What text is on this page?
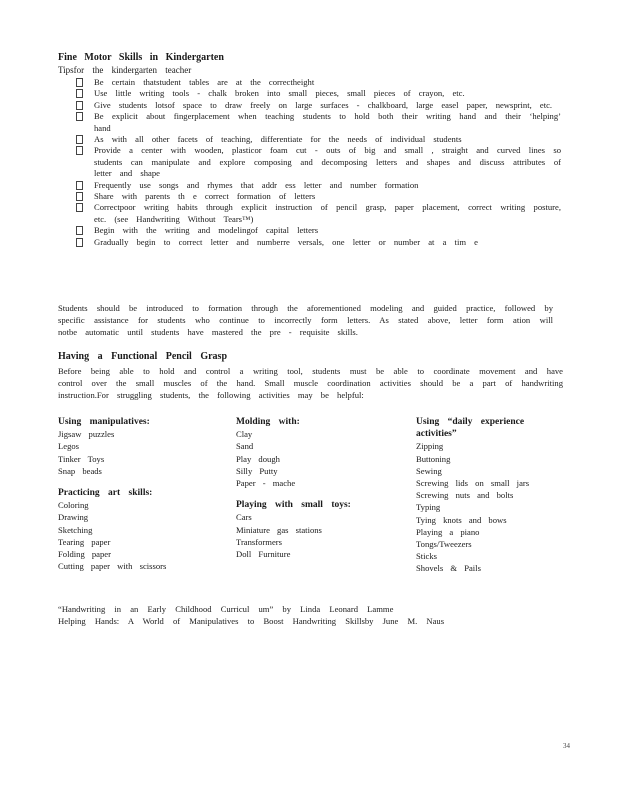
Fine Motor Skills in Kindergarten
Tipsfor the kindergarten teacher
Be certain thatstudent tables are at the correctheight
Use little writing tools - chalk broken into small pieces, small pieces of crayon, etc.
Give students lotsof space to draw freely on large surfaces - chalkboard, large easel paper, newsprint, etc.
Be explicit about fingerplacement when teaching students to hold both their writing hand and their ‘helping’ hand
As with all other facets of teaching, differentiate for the needs of individual students
Provide a center with wooden, plasticor foam cut - outs of big and small , straight and curved lines so students can manipulate and explore composing and decomposing letters and shapes and discuss attributes of letter and shape
Frequently use songs and rhymes that addr ess letter and number formation
Share with parents th e correct formation of letters
Correctpoor writing habits through explicit instruction of pencil grasp, paper placement, correct writing posture, etc. (see Handwriting Without Tears™)
Begin with the writing and modelingof capital letters
Gradually begin to correct letter and numberre versals, one letter or number at a tim e
Students should be introduced to formation through the aforementioned modeling and guided practice, followed by specific assistance for students who continue to incorrectly form letters. As stated above, letter form ation will notbe automatic until students have mastered the pre - requisite skills.
Having a Functional Pencil Grasp
Before being able to hold and control a writing tool, students must be able to coordinate movement and have control over the small muscles of the hand. Small muscle coordination activities should be a part of handwriting instruction.For struggling students, the following activities may be helpful:
Using manipulatives:
Jigsaw puzzles
Legos
Tinker Toys
Snap beads
Practicing art skills:
Coloring
Drawing
Sketching
Tearing paper
Folding paper
Cutting paper with scissors
Molding with:
Clay
Sand
Play dough
Silly Putty
Paper - mache
Playing with small toys:
Cars
Miniature gas stations
Transformers
Doll Furniture
Using “daily experience activities”
Zipping
Buttoning
Sewing
Screwing lids on small jars
Screwing nuts and bolts
Typing
Tying knots and bows
Playing a piano
Tongs/Tweezers
Sticks
Shovels & Pails
“Handwriting in an Early Childhood Curricul um” by Linda Leonard Lamme
Helping Hands: A World of Manipulatives to Boost Handwriting Skillsby June M. Naus
34
